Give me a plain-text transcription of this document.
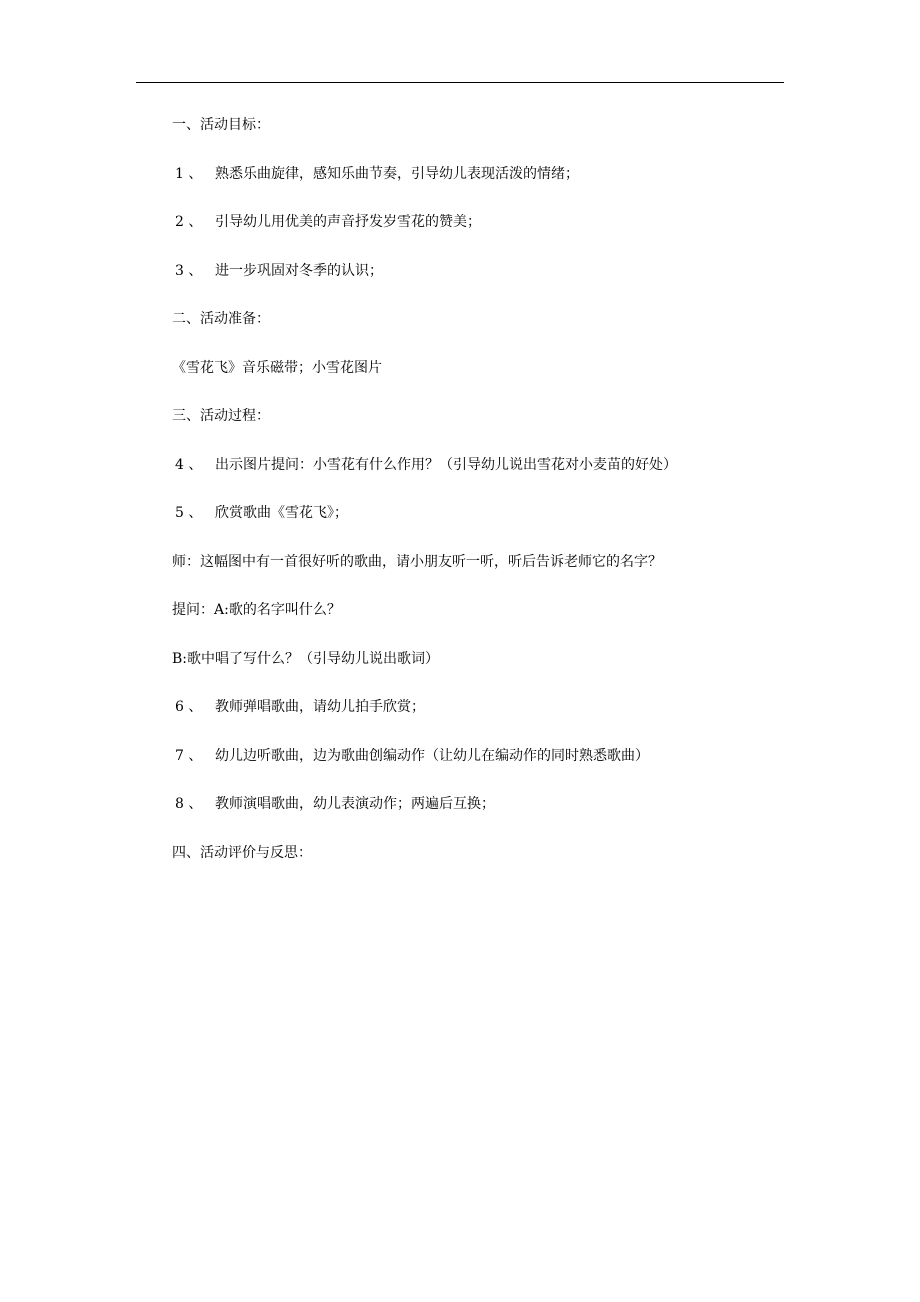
一、活动目标：
1 、 熟悉乐曲旋律，感知乐曲节奏，引导幼儿表现活泼的情绪；
2 、 引导幼儿用优美的声音抒发岁雪花的赞美；
3 、 进一步巩固对冬季的认识；
二、活动准备：
《雪花飞》音乐磁带；小雪花图片
三、活动过程：
4 、 出示图片提问：小雪花有什么作用？（引导幼儿说出雪花对小麦苗的好处）
5 、 欣赏歌曲《雪花飞》；
师：这幅图中有一首很好听的歌曲，请小朋友听一听，听后告诉老师它的名字？
提问：A:歌的名字叫什么？
B:歌中唱了写什么？（引导幼儿说出歌词）
6 、 教师弹唱歌曲，请幼儿拍手欣赏；
7 、 幼儿边听歌曲，边为歌曲创编动作（让幼儿在编动作的同时熟悉歌曲）
8 、 教师演唱歌曲，幼儿表演动作；两遍后互换；
四、活动评价与反思：
